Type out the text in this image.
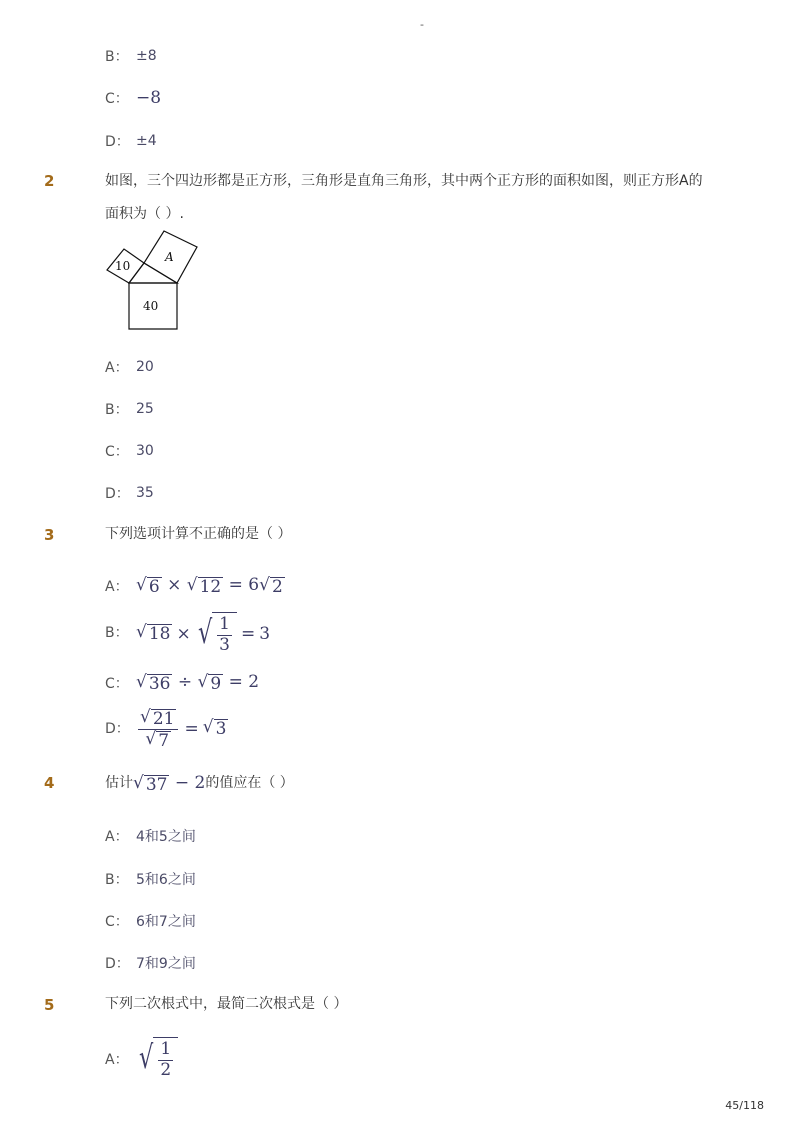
-
B： ±8
C： −8
D： ±4
2	如图，三个四边形都是正方形，三角形是直角三角形，其中两个正方形的面积如图，则正方形A的
面积为（ ）.
10
A
40
A： 20
B： 25
C： 30
D： 35
3	下列选项计算不正确的是（ ）
A： √ 6 × √ 12 = 6 √ 2
B： √ 18 × √ $\frac{1}{3} = 3$
C： √ 36 ÷ √ 9 = 2
D： $\frac{√ 21}{√ 7}$ = √ 3
4	估计 √ 37 − 2 的值应在（ ）
A： 4和5之间
B： 5和6之间
C： 6和7之间
D： 7和9之间
5	下列二次根式中，最简二次根式是（ ）
A： √ $\frac{1}{2}$
45/118
